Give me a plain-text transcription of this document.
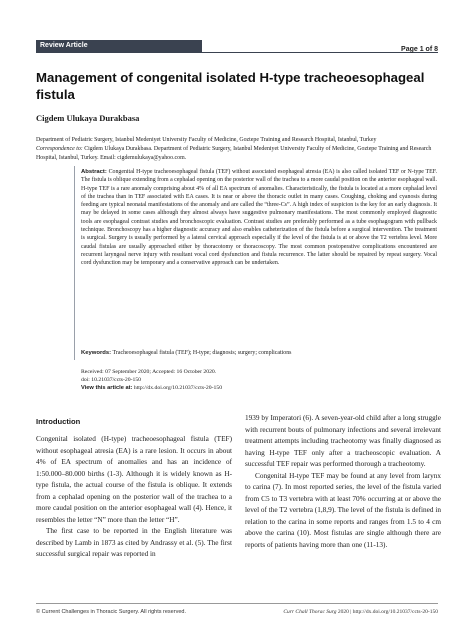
Review Article
Page 1 of 8
Management of congenital isolated H-type tracheoesophageal fistula
Cigdem Ulukaya Durakbasa
Department of Pediatric Surgery, Istanbul Medeniyet University Faculty of Medicine, Goztepe Training and Research Hospital, Istanbul, Turkey
Correspondence to: Cigdem Ulukaya Durakbasa. Department of Pediatric Surgery, Istanbul Medeniyet University Faculty of Medicine, Goztepe Training and Research Hospital, Istanbul, Turkey. Email: cigdemulukaya@yahoo.com.
Abstract: Congenital H-type tracheoesophageal fistula (TEF) without associated esophageal atresia (EA) is also called isolated TEF or N-type TEF. The fistula is oblique extending from a cephalad opening on the posterior wall of the trachea to a more caudal position on the anterior esophageal wall. H-type TEF is a rare anomaly comprising about 4% of all EA spectrum of anomalies. Characteristically, the fistula is located at a more cephalad level of the trachea than in TEF associated with EA cases. It is near or above the thoracic outlet in many cases. Coughing, choking and cyanosis during feeding are typical neonatal manifestations of the anomaly and are called the “three-Cs”. A high index of suspicion is the key for an early diagnosis. It may be delayed in some cases although they almost always have suggestive pulmonary manifestations. The most commonly employed diagnostic tools are esophageal contrast studies and bronchoscopic evaluation. Contrast studies are preferably performed as a tube esophagogram with pullback technique. Bronchoscopy has a higher diagnostic accuracy and also enables catheterization of the fistula before a surgical intervention. The treatment is surgical. Surgery is usually performed by a lateral cervical approach especially if the level of the fistula is at or above the T2 vertebra level. More caudal fistulas are usually approached either by thoracotomy or thoracoscopy. The most common postoperative complications encountered are recurrent laryngeal nerve injury with resultant vocal cord dysfunction and fistula recurrence. The latter should be repaired by repeat surgery. Vocal cord dysfunction may be temporary and a conservative approach can be undertaken.
Keywords: Tracheoesophageal fistula (TEF); H-type; diagnosis; surgery; complications
Received: 07 September 2020; Accepted: 16 October 2020.
doi: 10.21037/ccts-20-150
View this article at: http://dx.doi.org/10.21037/ccts-20-150
Introduction

Congenital isolated (H-type) tracheoesophageal fistula (TEF) without esophageal atresia (EA) is a rare lesion. It occurs in about 4% of EA spectrum of anomalies and has an incidence of 1:50.000–80.000 births (1-3). Although it is widely known as H-type fistula, the actual course of the fistula is oblique. It extends from a cephalad opening on the posterior wall of the trachea to a more caudal position on the anterior esophageal wall (4). Hence, it resembles the letter “N” more than the letter “H”.

The first case to be reported in the English literature was described by Lamb in 1873 as cited by Andrassy et al. (5). The first successful surgical repair was reported in

1939 by Imperatori (6). A seven-year-old child after a long struggle with recurrent bouts of pulmonary infections and several irrelevant treatment attempts including tracheotomy was finally diagnosed as having H-type TEF only after a tracheoscopic evaluation. A successful TEF repair was performed thorough a tracheotomy.

Congenital H-type TEF may be found at any level from larynx to carina (7). In most reported series, the level of the fistula varied from C5 to T3 vertebra with at least 70% occurring at or above the level of the T2 vertebra (1,8,9). The level of the fistula is defined in relation to the carina in some reports and ranges from 1.5 to 4 cm above the carina (10). Most fistulas are single although there are reports of patients having more than one (11-13).

© Current Challenges in Thoracic Surgery. All rights reserved.	Curr Chall Thorac Surg 2020 | http://dx.doi.org/10.21037/ccts-20-150
